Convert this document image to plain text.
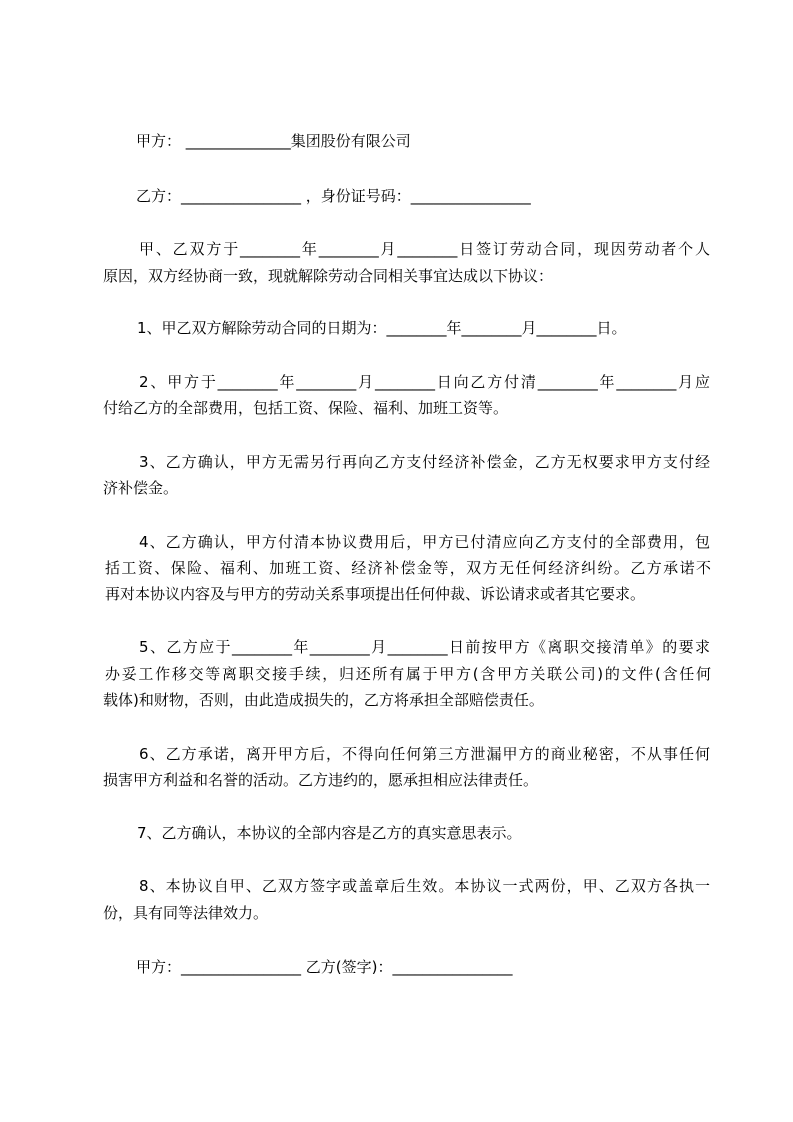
甲方： ______________集团股份有限公司
乙方：________________ ，身份证号码：________________
甲、乙双方于________年________月________日签订劳动合同，现因劳动者个人
原因，双方经协商一致，现就解除劳动合同相关事宜达成以下协议：
1、甲乙双方解除劳动合同的日期为：________年________月________日。
2、甲方于________年________月________日向乙方付清________年________月应
付给乙方的全部费用，包括工资、保险、福利、加班工资等。
3、乙方确认，甲方无需另行再向乙方支付经济补偿金，乙方无权要求甲方支付经
济补偿金。
4、乙方确认，甲方付清本协议费用后，甲方已付清应向乙方支付的全部费用，包
括工资、保险、福利、加班工资、经济补偿金等，双方无任何经济纠纷。乙方承诺不
再对本协议内容及与甲方的劳动关系事项提出任何仲裁、诉讼请求或者其它要求。
5、乙方应于________年________月________日前按甲方《离职交接清单》的要求
办妥工作移交等离职交接手续，归还所有属于甲方(含甲方关联公司)的文件(含任何
载体)和财物，否则，由此造成损失的，乙方将承担全部赔偿责任。
6、乙方承诺，离开甲方后，不得向任何第三方泄漏甲方的商业秘密，不从事任何
损害甲方利益和名誉的活动。乙方违约的，愿承担相应法律责任。
7、乙方确认，本协议的全部内容是乙方的真实意思表示。
8、本协议自甲、乙双方签字或盖章后生效。本协议一式两份，甲、乙双方各执一
份，具有同等法律效力。
甲方：________________ 乙方(签字)：________________
